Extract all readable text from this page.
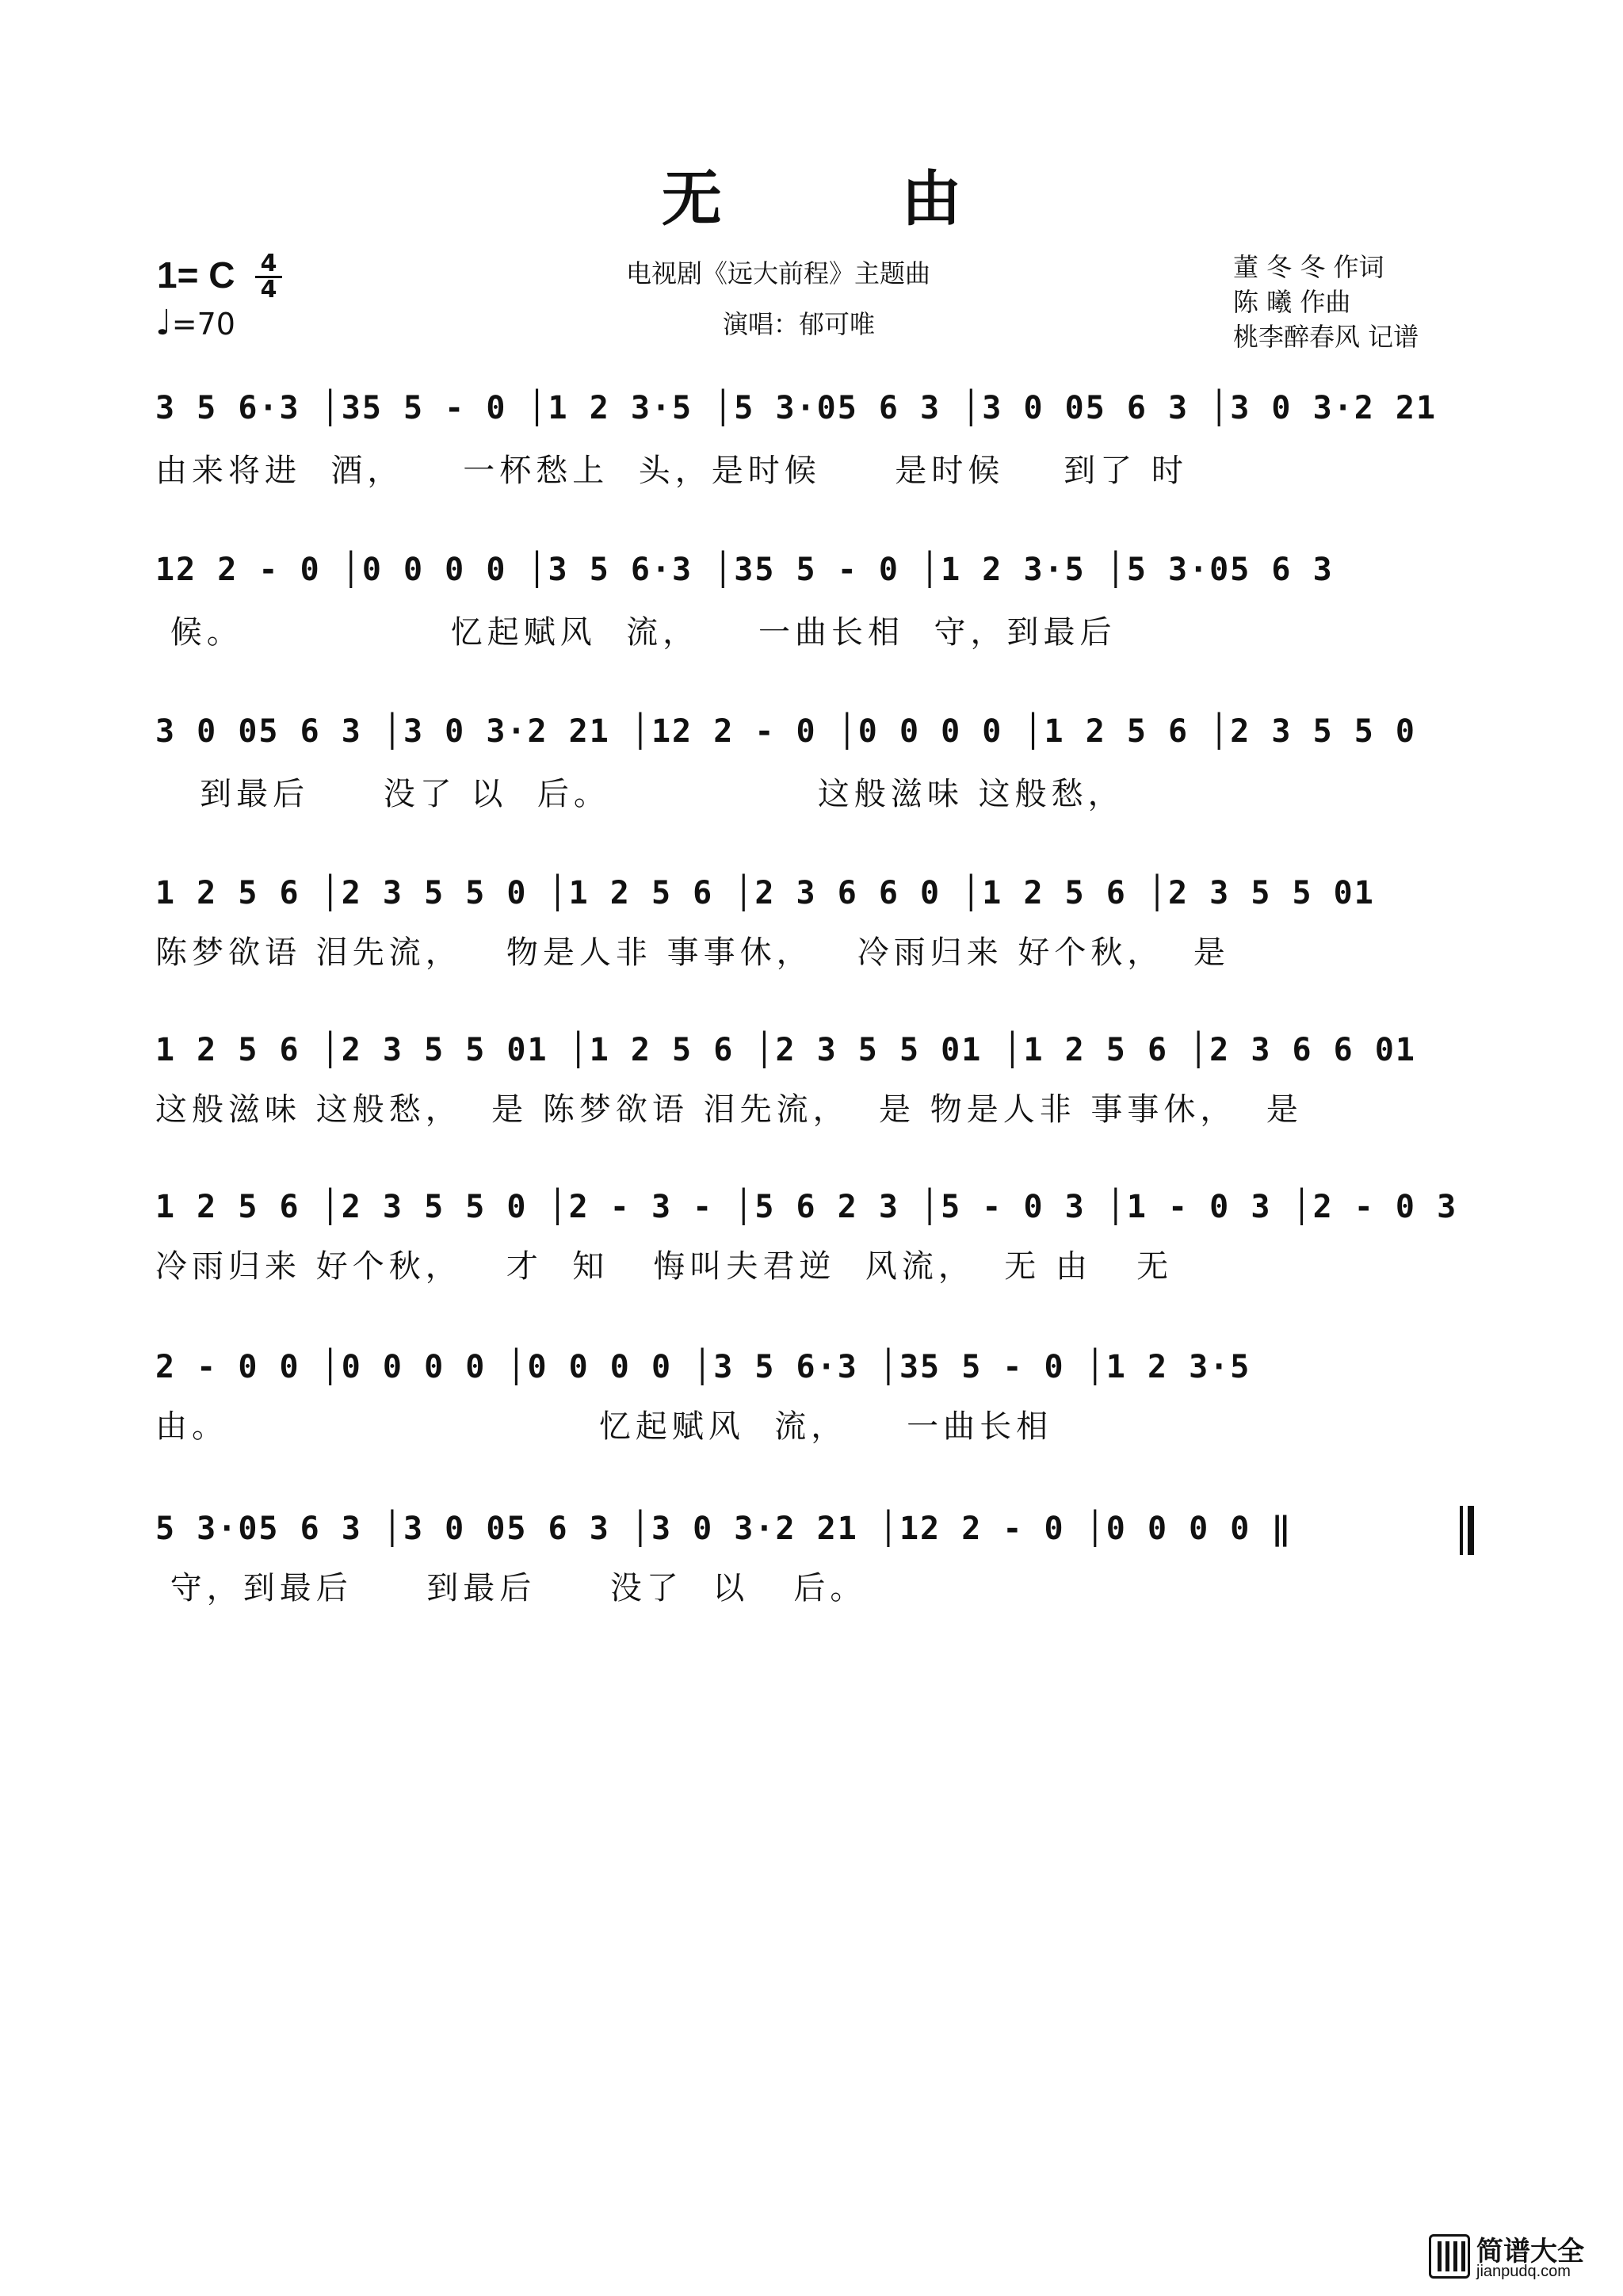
无 由
1= C 4
4
♩=70
电视剧《远大前程》主题曲
演唱：郁可唯
董 冬 冬 作词
陈 曦 作曲
桃李醉春风 记谱
3 5 6·3 │35 5 - 0 │1 2 3·5 │5 3·05 6 3 │3 0 05 6 3 │3 0 3·2 21
由来将进  酒，    一杯愁上  头，是时候     是时候    到了 时
12 2 - 0 │0 0 0 0 │3 5 6·3 │35 5 - 0 │1 2 3·5 │5 3·05 6 3
候。              忆起赋风  流，    一曲长相  守，到最后
3 0 05 6 3 │3 0 3·2 21 │12 2 - 0 │0 0 0 0 │1 2 5 6 │2 3 5 5 0
到最后     没了 以  后。              这般滋味 这般愁，
1 2 5 6 │2 3 5 5 0 │1 2 5 6 │2 3 6 6 0 │1 2 5 6 │2 3 5 5 01
陈梦欲语 泪先流，   物是人非 事事休，   冷雨归来 好个秋，  是
1 2 5 6 │2 3 5 5 01 │1 2 5 6 │2 3 5 5 01 │1 2 5 6 │2 3 6 6 01
这般滋味 这般愁，  是 陈梦欲语 泪先流，  是 物是人非 事事休，  是
1 2 5 6 │2 3 5 5 0 │2 - 3 - │5 6 2 3 │5 - 0 3 │1 - 0 3 │2 - 0 3
冷雨归来 好个秋，   才  知   悔叫夫君逆  风流，  无 由   无
2 - 0 0 │0 0 0 0 │0 0 0 0 │3 5 6·3 │35 5 - 0 │1 2 3·5
由。                         忆起赋风  流，    一曲长相
5 3·05 6 3 │3 0 05 6 3 │3 0 3·2 21 │12 2 - 0 │0 0 0 0 ‖
守，到最后     到最后     没了  以   后。
简谱大全
jianpudq.com
